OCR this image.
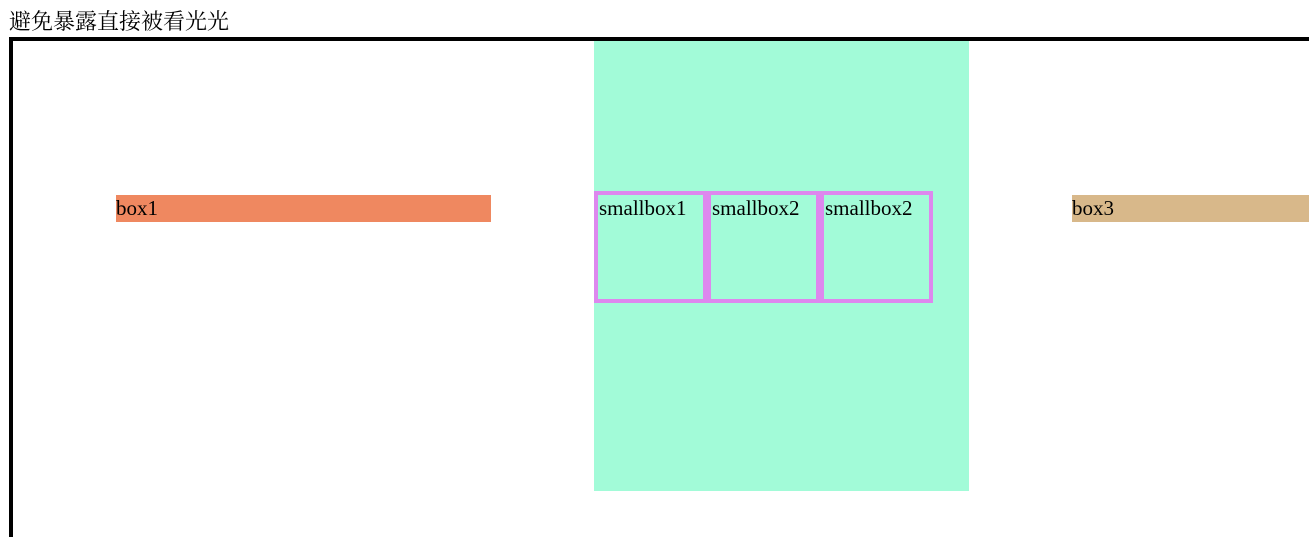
避免暴露直接被看光光
box1	smallbox1	smallbox2	smallbox2	box3
